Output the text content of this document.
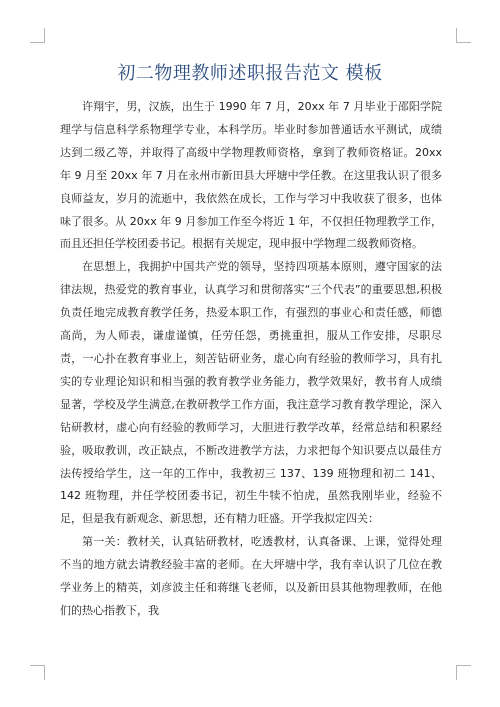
初二物理教师述职报告范文 模板

许翔宇，男，汉族，出生于 1990 年 7 月，20xx 年 7 月毕业于邵阳学院理学与信息科学系物理学专业，本科学历。毕业时参加普通话水平测试，成绩达到二级乙等，并取得了高级中学物理教师资格，拿到了教师资格证。20xx 年 9 月至 20xx 年 7 月在永州市新田县大坪塘中学任教。在这里我认识了很多良师益友，岁月的流逝中，我依然在成长，工作与学习中我收获了很多，也体味了很多。从 20xx 年 9 月参加工作至今将近 1 年，不仅担任物理教学工作，而且还担任学校团委书记。根据有关规定，现申报中学物理二级教师资格。

在思想上，我拥护中国共产党的领导，坚持四项基本原则，遵守国家的法律法规，热爱党的教育事业，认真学习和贯彻落实“三个代表”的重要思想,积极负责任地完成教育教学任务，热爱本职工作，有强烈的事业心和责任感，师德高尚，为人师表，谦虚谨慎，任劳任怨，勇挑重担，服从工作安排，尽职尽责，一心扑在教育事业上，刻苦钻研业务，虚心向有经验的教师学习，具有扎实的专业理论知识和相当强的教育教学业务能力，教学效果好，教书育人成绩显著，学校及学生满意,在教研教学工作方面，我注意学习教育教学理论，深入钻研教材，虚心向有经验的教师学习，大胆进行教学改革，经常总结和积累经验，吸取教训，改正缺点，不断改进教学方法，力求把每个知识要点以最佳方法传授给学生，这一年的工作中，我教初三 137、139 班物理和初二 141、142 班物理，并任学校团委书记，初生牛犊不怕虎，虽然我刚毕业，经验不足，但是我有新观念、新思想，还有精力旺盛。开学我拟定四关：

第一关：教材关，认真钻研教材，吃透教材，认真备课、上课，觉得处理不当的地方就去请教经验丰富的老师。在大坪塘中学，我有幸认识了几位在教学业务上的精英，刘彦波主任和蒋继飞老师，以及新田县其他物理教师，在他们的热心指教下，我
